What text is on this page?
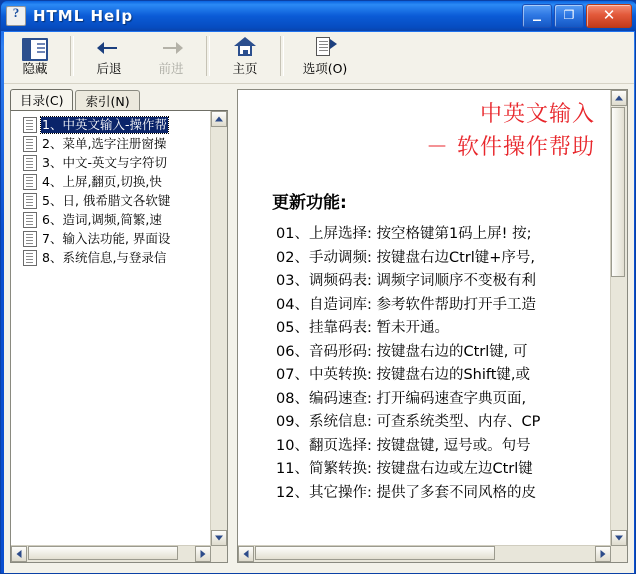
?
HTML Help	_	❐	✕
隐藏	后退	前进	主页	选项(O)
目录(C)	索引(N)
1、中英文输入-操作帮
2、菜单,选字注册窗操
3、中文-英文与字符切
4、上屏,翻页,切换,快
5、日, 俄希腊文各软键
6、造词,调频,简繁,速
7、输入法功能, 界面设
8、系统信息,与登录信
中英文输入
－ 软件操作帮助
更新功能:
01、上屏选择: 按空格键第1码上屏! 按;
02、手动调频: 按键盘右边Ctrl键+序号,
03、调频码表: 调频字词顺序不变极有利
04、自造词库: 参考软件帮助打开手工造
05、挂靠码表: 暂未开通。
06、音码形码: 按键盘右边的Ctrl键, 可
07、中英转换: 按键盘右边的Shift键,或
08、编码速查: 打开编码速查字典页面,
09、系统信息: 可查系统类型、内存、CP
10、翻页选择: 按键盘键, 逗号或。句号
11、简繁转换: 按键盘右边或左边Ctrl键
12、其它操作: 提供了多套不同风格的皮
